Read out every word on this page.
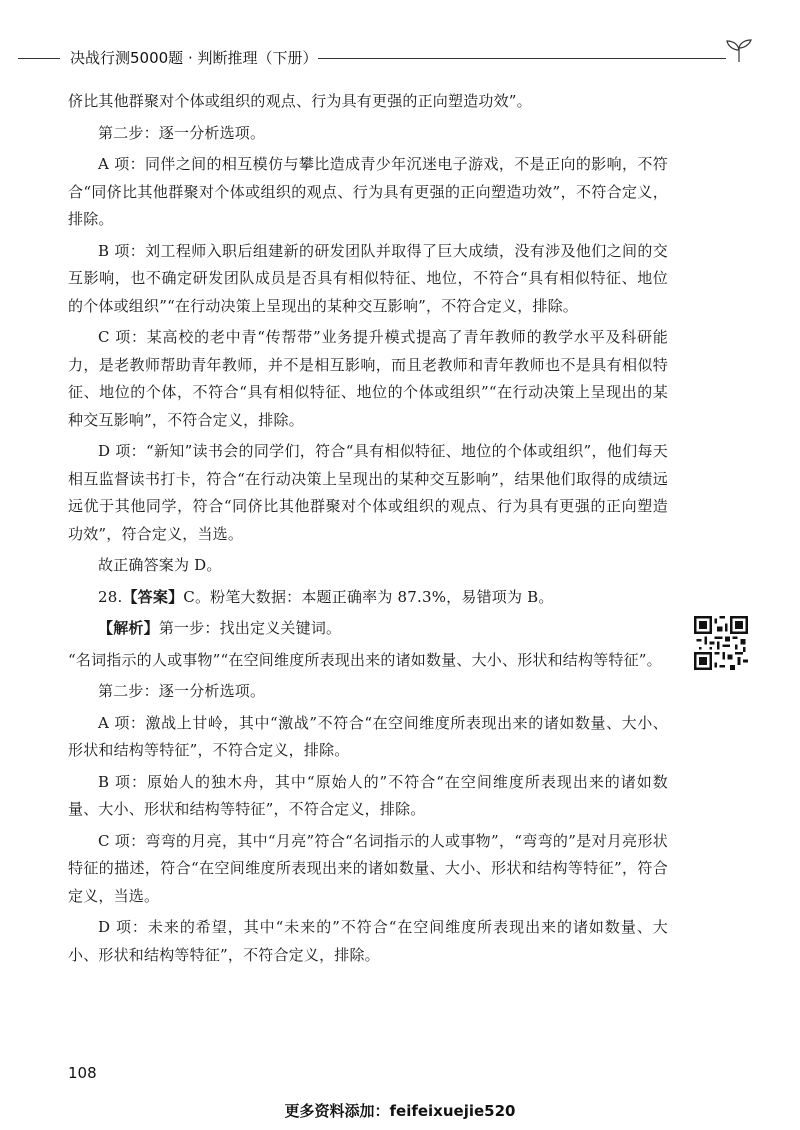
决战行测5000题 · 判断推理（下册）

侪比其他群聚对个体或组织的观点、行为具有更强的正向塑造功效”。

第二步：逐一分析选项。

A 项：同伴之间的相互模仿与攀比造成青少年沉迷电子游戏，不是正向的影响，不符合“同侪比其他群聚对个体或组织的观点、行为具有更强的正向塑造功效”，不符合定义，排除。

B 项：刘工程师入职后组建新的研发团队并取得了巨大成绩，没有涉及他们之间的交互影响，也不确定研发团队成员是否具有相似特征、地位，不符合“具有相似特征、地位的个体或组织”“在行动决策上呈现出的某种交互影响”，不符合定义，排除。

C 项：某高校的老中青“传帮带”业务提升模式提高了青年教师的教学水平及科研能力，是老教师帮助青年教师，并不是相互影响，而且老教师和青年教师也不是具有相似特征、地位的个体，不符合“具有相似特征、地位的个体或组织”“在行动决策上呈现出的某种交互影响”，不符合定义，排除。

D 项：“新知”读书会的同学们，符合“具有相似特征、地位的个体或组织”，他们每天相互监督读书打卡，符合“在行动决策上呈现出的某种交互影响”，结果他们取得的成绩远远优于其他同学，符合“同侪比其他群聚对个体或组织的观点、行为具有更强的正向塑造功效”，符合定义，当选。

故正确答案为 D。

28.【答案】C。粉笔大数据：本题正确率为 87.3%，易错项为 B。

【解析】第一步：找出定义关键词。

“名词指示的人或事物”“在空间维度所表现出来的诸如数量、大小、形状和结构等特征”。

第二步：逐一分析选项。

A 项：激战上甘岭，其中“激战”不符合“在空间维度所表现出来的诸如数量、大小、形状和结构等特征”，不符合定义，排除。

B 项：原始人的独木舟，其中“原始人的”不符合“在空间维度所表现出来的诸如数量、大小、形状和结构等特征”，不符合定义，排除。

C 项：弯弯的月亮，其中“月亮”符合“名词指示的人或事物”，“弯弯的”是对月亮形状特征的描述，符合“在空间维度所表现出来的诸如数量、大小、形状和结构等特征”，符合定义，当选。

D 项：未来的希望，其中“未来的”不符合“在空间维度所表现出来的诸如数量、大小、形状和结构等特征”，不符合定义，排除。

108
更多资料添加：feifeixuejie520
